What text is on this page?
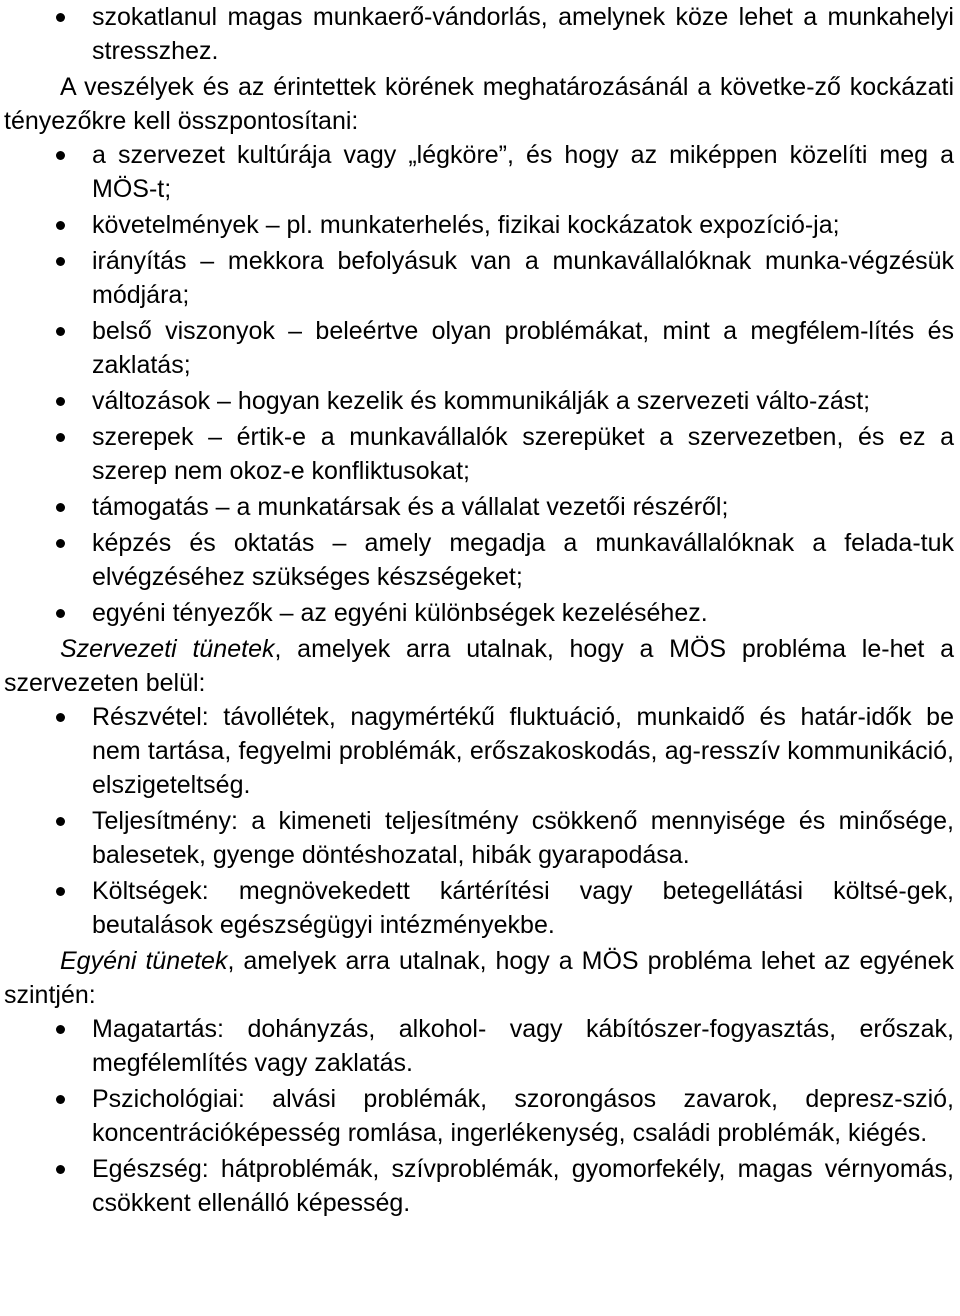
szokatlanul magas munkaerő-vándorlás, amelynek köze lehet a munkahelyi stresszhez.

A veszélyek és az érintettek körének meghatározásánál a követke-ző kockázati tényezőkre kell összpontosítani:

a szervezet kultúrája vagy „légköre”, és hogy az miképpen közelíti meg a MÖS-t;
követelmények – pl. munkaterhelés, fizikai kockázatok expozíció-ja;
irányítás – mekkora befolyásuk van a munkavállalóknak munka-végzésük módjára;
belső viszonyok – beleértve olyan problémákat, mint a megfélem-lítés és zaklatás;
változások – hogyan kezelik és kommunikálják a szervezeti válto-zást;
szerepek – értik-e a munkavállalók szerepüket a szervezetben, és ez a szerep nem okoz-e konfliktusokat;
támogatás – a munkatársak és a vállalat vezetői részéről;
képzés és oktatás – amely megadja a munkavállalóknak a felada-tuk elvégzéséhez szükséges készségeket;
egyéni tényezők – az egyéni különbségek kezeléséhez.

Szervezeti tünetek, amelyek arra utalnak, hogy a MÖS probléma le-het a szervezeten belül:

Részvétel: távollétek, nagymértékű fluktuáció, munkaidő és határ-idők be nem tartása, fegyelmi problémák, erőszakoskodás, ag-resszív kommunikáció, elszigeteltség.
Teljesítmény: a kimeneti teljesítmény csökkenő mennyisége és minősége, balesetek, gyenge döntéshozatal, hibák gyarapodása.
Költségek: megnövekedett kártérítési vagy betegellátási költsé-gek, beutalások egészségügyi intézményekbe.

Egyéni tünetek, amelyek arra utalnak, hogy a MÖS probléma lehet az egyének szintjén:

Magatartás: dohányzás, alkohol- vagy kábítószer-fogyasztás, erőszak, megfélemlítés vagy zaklatás.
Pszichológiai: alvási problémák, szorongásos zavarok, depresz-szió, koncentrációképesség romlása, ingerlékenység, családi problémák, kiégés.
Egészség: hátproblémák, szívproblémák, gyomorfekély, magas vérnyomás, csökkent ellenálló képesség.
